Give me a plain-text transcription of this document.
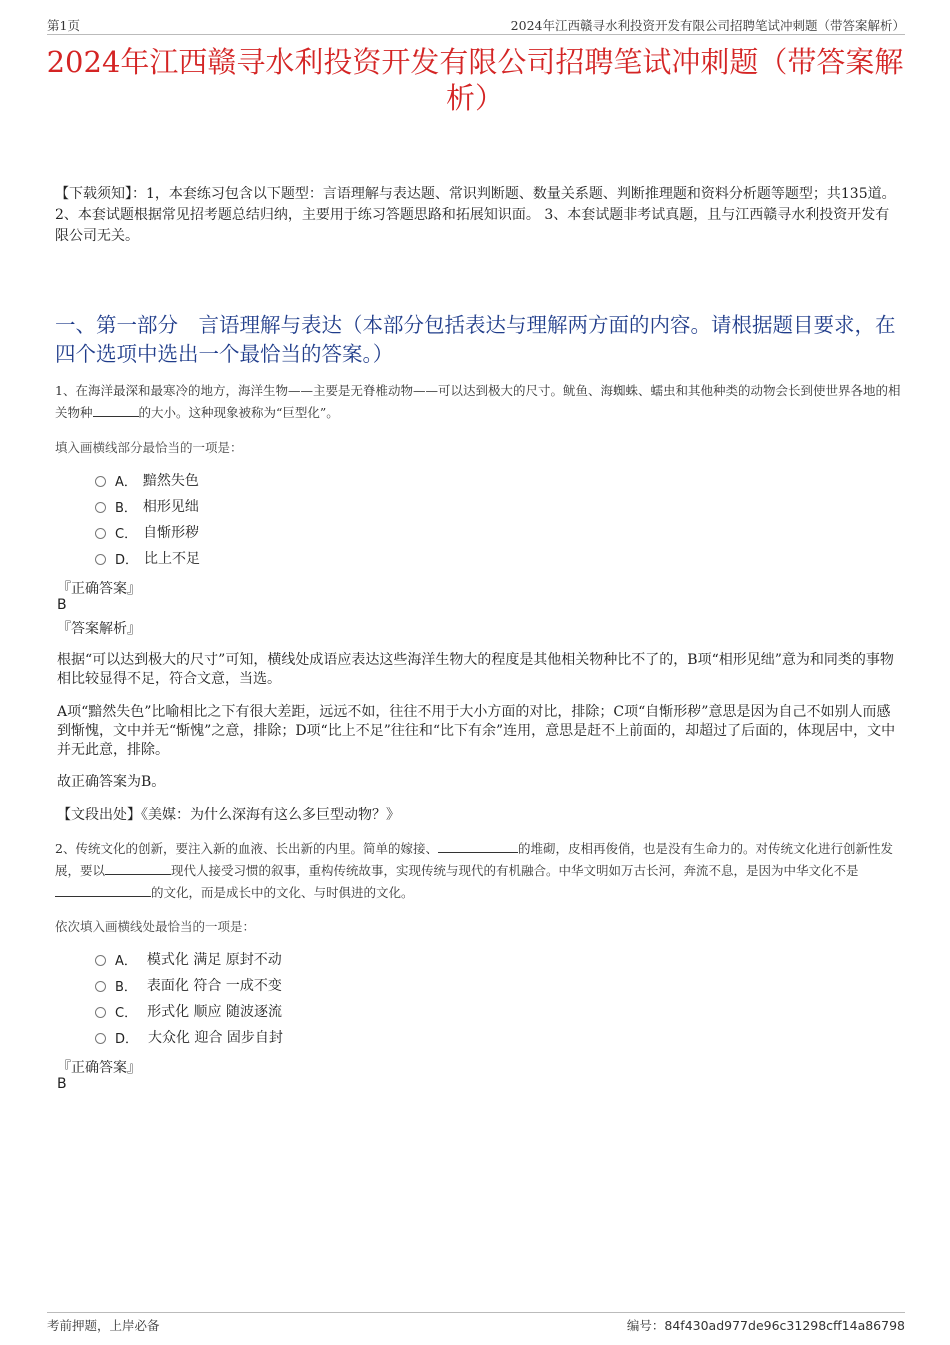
第1页	2024年江西赣寻水利投资开发有限公司招聘笔试冲刺题（带答案解析）
2024年江西赣寻水利投资开发有限公司招聘笔试冲刺题（带答案解析）
【下载须知】：1，本套练习包含以下题型：言语理解与表达题、常识判断题、数量关系题、判断推理题和资料分析题等题型；共135道。 2、本套试题根据常见招考题总结归纳，主要用于练习答题思路和拓展知识面。 3、本套试题非考试真题，且与江西赣寻水利投资开发有限公司无关。
一、第一部分　言语理解与表达（本部分包括表达与理解两方面的内容。请根据题目要求，在四个选项中选出一个最恰当的答案。）
1、在海洋最深和最寒冷的地方，海洋生物——主要是无脊椎动物——可以达到极大的尺寸。鱿鱼、海蜘蛛、蠕虫和其他种类的动物会长到使世界各地的相关物种	的大小。这种现象被称为“巨型化”。
填入画横线部分最恰当的一项是：
A． 黯然失色
B． 相形见绌
C． 自惭形秽
D． 比上不足
『正确答案』
B
『答案解析』
根据“可以达到极大的尺寸”可知，横线处成语应表达这些海洋生物大的程度是其他相关物种比不了的，B项“相形见绌”意为和同类的事物相比较显得不足，符合文意，当选。
A项“黯然失色”比喻相比之下有很大差距，远远不如，往往不用于大小方面的对比，排除；C项“自惭形秽”意思是因为自己不如别人而感到惭愧，文中并无“惭愧”之意，排除；D项“比上不足”往往和“比下有余”连用，意思是赶不上前面的，却超过了后面的，体现居中，文中并无此意，排除。
故正确答案为B。
【文段出处】《美媒：为什么深海有这么多巨型动物？》
2、传统文化的创新，要注入新的血液、长出新的内里。简单的嫁接、	的堆砌，皮相再俊俏，也是没有生命力的。对传统文化进行创新性发展，要以	现代人接受习惯的叙事，重构传统故事，实现传统与现代的有机融合。中华文明如万古长河，奔流不息，是因为中华文化不是的文化，而是成长中的文化、与时俱进的文化。
依次填入画横线处最恰当的一项是：
A． 模式化 满足 原封不动
B． 表面化 符合 一成不变
C． 形式化 顺应 随波逐流
D． 大众化 迎合 固步自封
『正确答案』
B
考前押题，上岸必备	编号：84f430ad977de96c31298cff14a86798
